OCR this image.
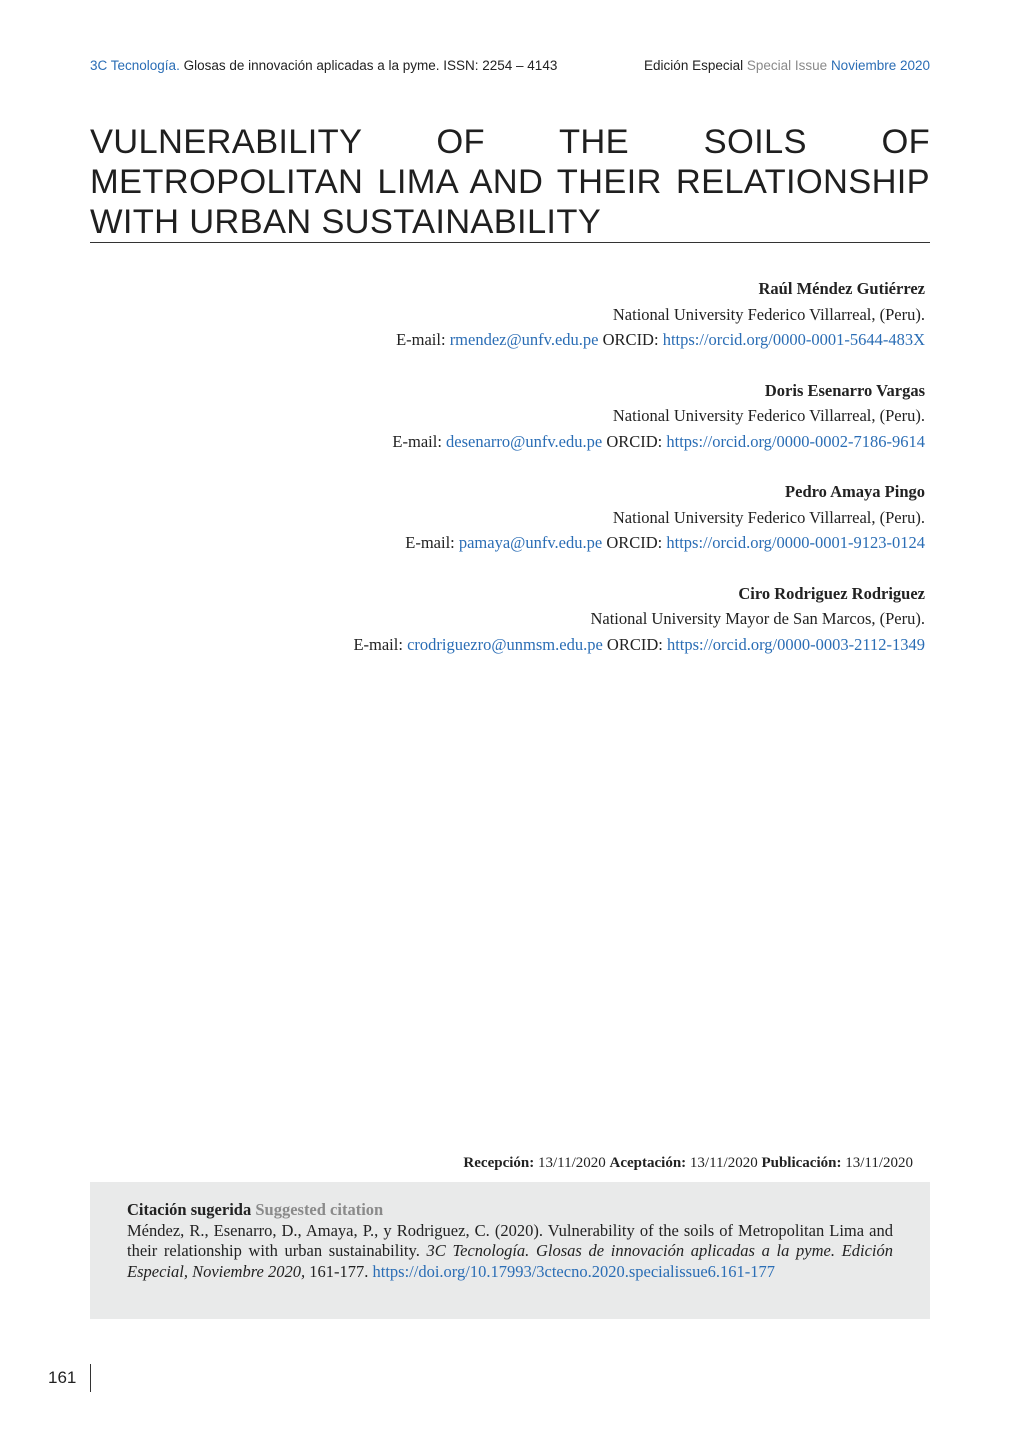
3C Tecnología. Glosas de innovación aplicadas a la pyme. ISSN: 2254 – 4143	Edición Especial Special Issue Noviembre 2020
VULNERABILITY OF THE SOILS OF METROPOLITAN LIMA AND THEIR RELATIONSHIP WITH URBAN SUSTAINABILITY
Raúl Méndez Gutiérrez
National University Federico Villarreal, (Peru).
E-mail: rmendez@unfv.edu.pe ORCID: https://orcid.org/0000-0001-5644-483X
Doris Esenarro Vargas
National University Federico Villarreal, (Peru).
E-mail: desenarro@unfv.edu.pe ORCID: https://orcid.org/0000-0002-7186-9614
Pedro Amaya Pingo
National University Federico Villarreal, (Peru).
E-mail: pamaya@unfv.edu.pe ORCID: https://orcid.org/0000-0001-9123-0124
Ciro Rodriguez Rodriguez
National University Mayor de San Marcos, (Peru).
E-mail: crodriguezro@unmsm.edu.pe ORCID: https://orcid.org/0000-0003-2112-1349
Recepción: 13/11/2020 Aceptación: 13/11/2020 Publicación: 13/11/2020
Citación sugerida Suggested citation
Méndez, R., Esenarro, D., Amaya, P., y Rodriguez, C. (2020). Vulnerability of the soils of Metropolitan Lima and their relationship with urban sustainability. 3C Tecnología. Glosas de innovación aplicadas a la pyme. Edición Especial, Noviembre 2020, 161-177. https://doi.org/10.17993/3ctecno.2020.specialissue6.161-177
161
